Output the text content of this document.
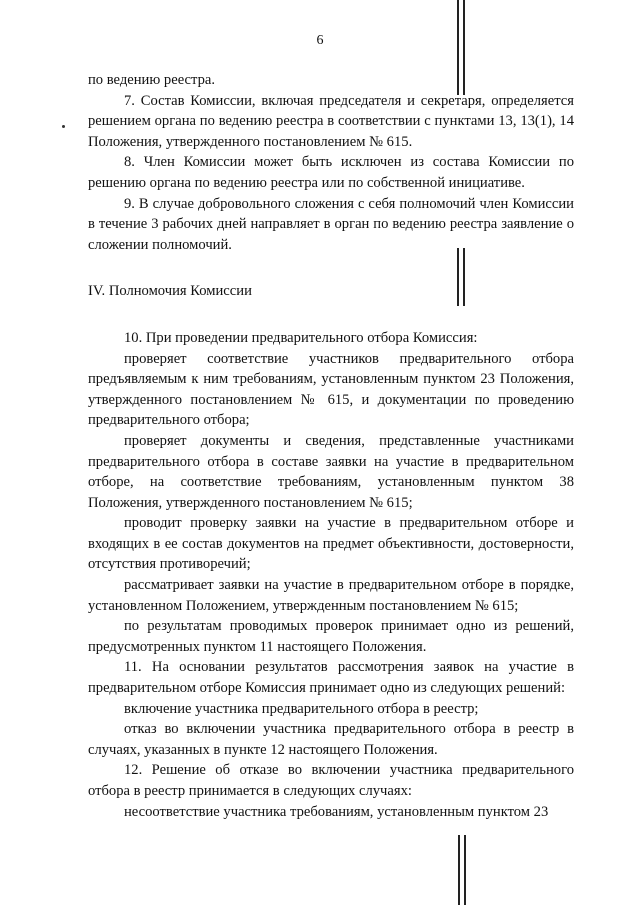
6

по ведению реестра.

7. Состав Комиссии, включая председателя и секретаря, определяется решением органа по ведению реестра в соответствии с пунктами 13, 13(1), 14 Положения, утвержденного постановлением № 615.

8. Член Комиссии может быть исключен из состава Комиссии по решению органа по ведению реестра или по собственной инициативе.

9. В случае добровольного сложения с себя полномочий член Комиссии в течение 3 рабочих дней направляет в орган по ведению реестра заявление о сложении полномочий.

IV. Полномочия Комиссии

10. При проведении предварительного отбора Комиссия:

проверяет соответствие участников предварительного отбора предъявляемым к ним требованиям, установленным пунктом 23 Положения, утвержденного постановлением № 615, и документации по проведению предварительного отбора;

проверяет документы и сведения, представленные участниками предварительного отбора в составе заявки на участие в предварительном отборе, на соответствие требованиям, установленным пунктом 38 Положения, утвержденного постановлением № 615;

проводит проверку заявки на участие в предварительном отборе и входящих в ее состав документов на предмет объективности, достоверности, отсутствия противоречий;

рассматривает заявки на участие в предварительном отборе в порядке, установленном Положением, утвержденным постановлением № 615;

по результатам проводимых проверок принимает одно из решений, предусмотренных пунктом 11 настоящего Положения.

11. На основании результатов рассмотрения заявок на участие в предварительном отборе Комиссия принимает одно из следующих решений:

включение участника предварительного отбора в реестр;

отказ во включении участника предварительного отбора в реестр в случаях, указанных в пункте 12 настоящего Положения.

12. Решение об отказе во включении участника предварительного отбора в реестр принимается в следующих случаях:

несоответствие участника требованиям, установленным пунктом 23
